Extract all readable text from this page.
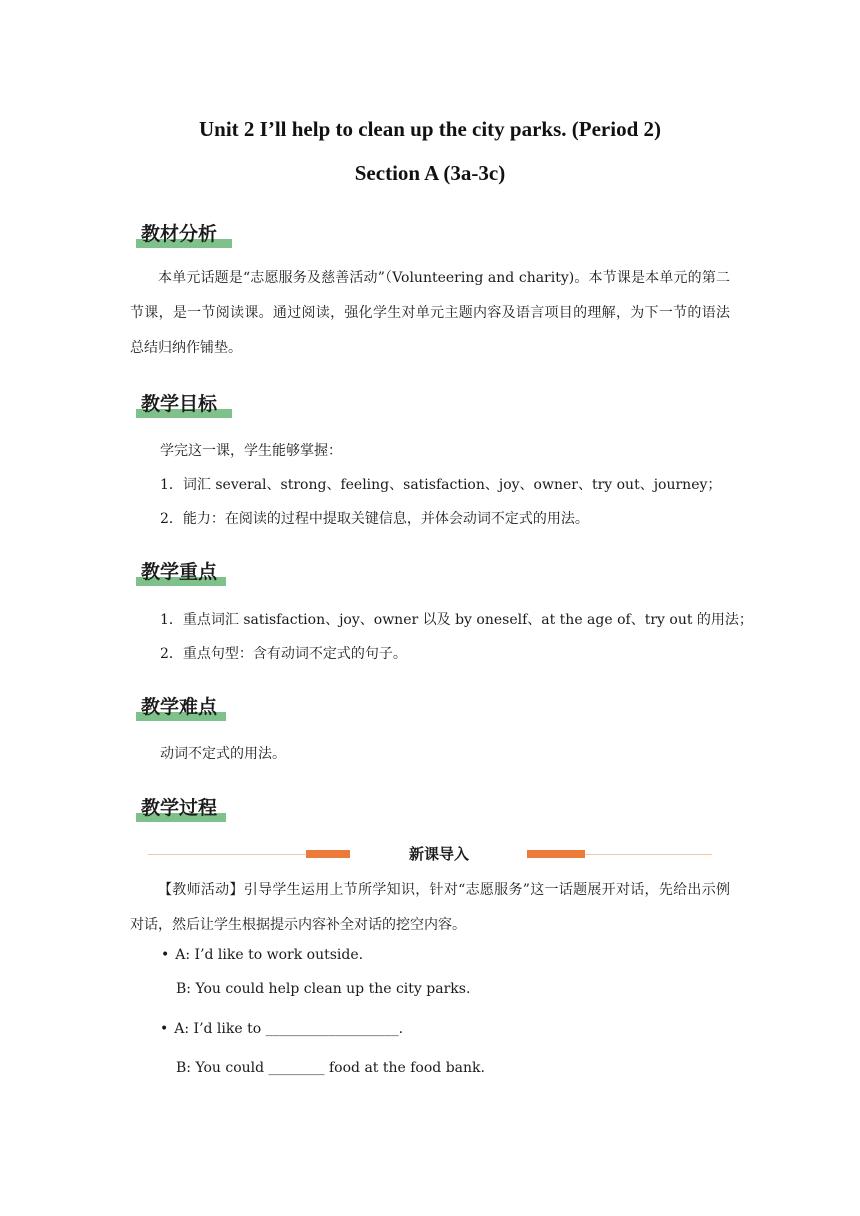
Unit 2 I’ll help to clean up the city parks. (Period 2)
Section A (3a-3c)
教材分析
本单元话题是“志愿服务及慈善活动”（Volunteering and charity)。本节课是本单元的第二节课，是一节阅读课。通过阅读，强化学生对单元主题内容及语言项目的理解，为下一节的语法总结归纳作铺垫。
教学目标
学完这一课，学生能够掌握：
1．词汇 several、strong、feeling、satisfaction、joy、owner、try out、journey；
2．能力：在阅读的过程中提取关键信息，并体会动词不定式的用法。
教学重点
1．重点词汇 satisfaction、joy、owner 以及 by oneself、at the age of、try out 的用法；
2．重点句型：含有动词不定式的句子。
教学难点
动词不定式的用法。
教学过程
新课导入
【教师活动】引导学生运用上节所学知识，针对“志愿服务”这一话题展开对话，先给出示例对话，然后让学生根据提示内容补全对话的挖空内容。
• A: I’d like to work outside.
B: You could help clean up the city parks.
• A: I’d like to ___________________.
B: You could ________ food at the food bank.
